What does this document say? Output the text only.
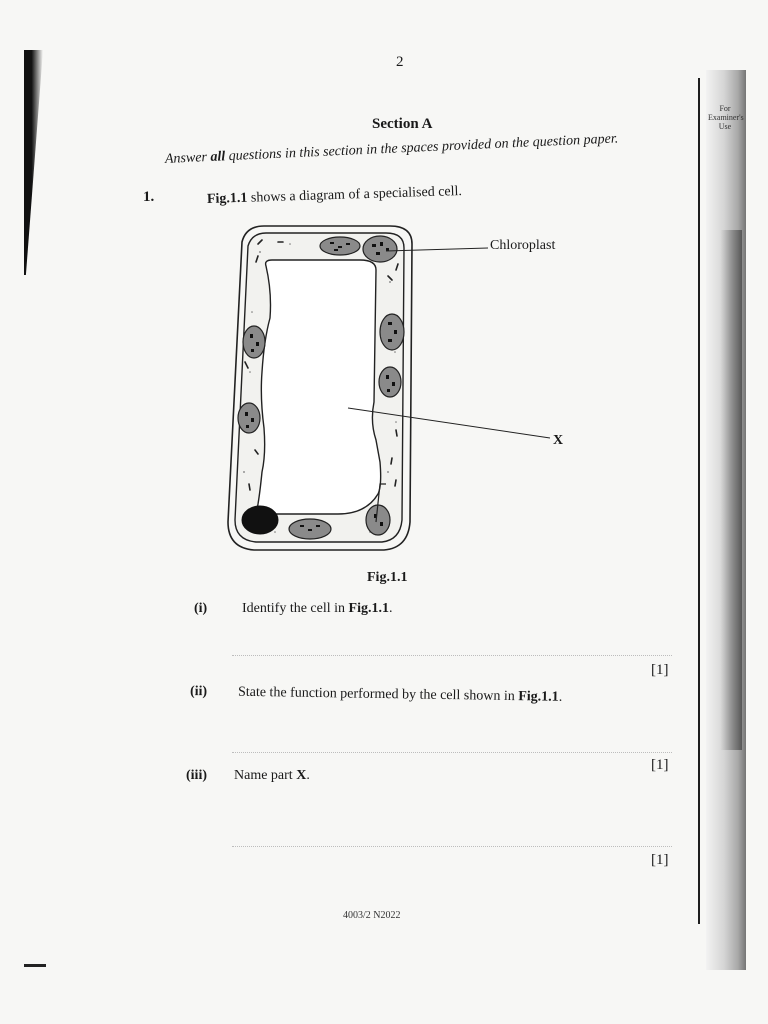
2
For
Examiner's
Use
Section A
Answer all questions in this section in the spaces provided on the question paper.
1.	Fig.1.1 shows a diagram of a specialised cell.
Chloroplast
X
Fig.1.1
(i) Identify the cell in Fig.1.1.
[1]
(ii) State the function performed by the cell shown in Fig.1.1.
[1]
(iii) Name part X.
[1]
4003/2 N2022
